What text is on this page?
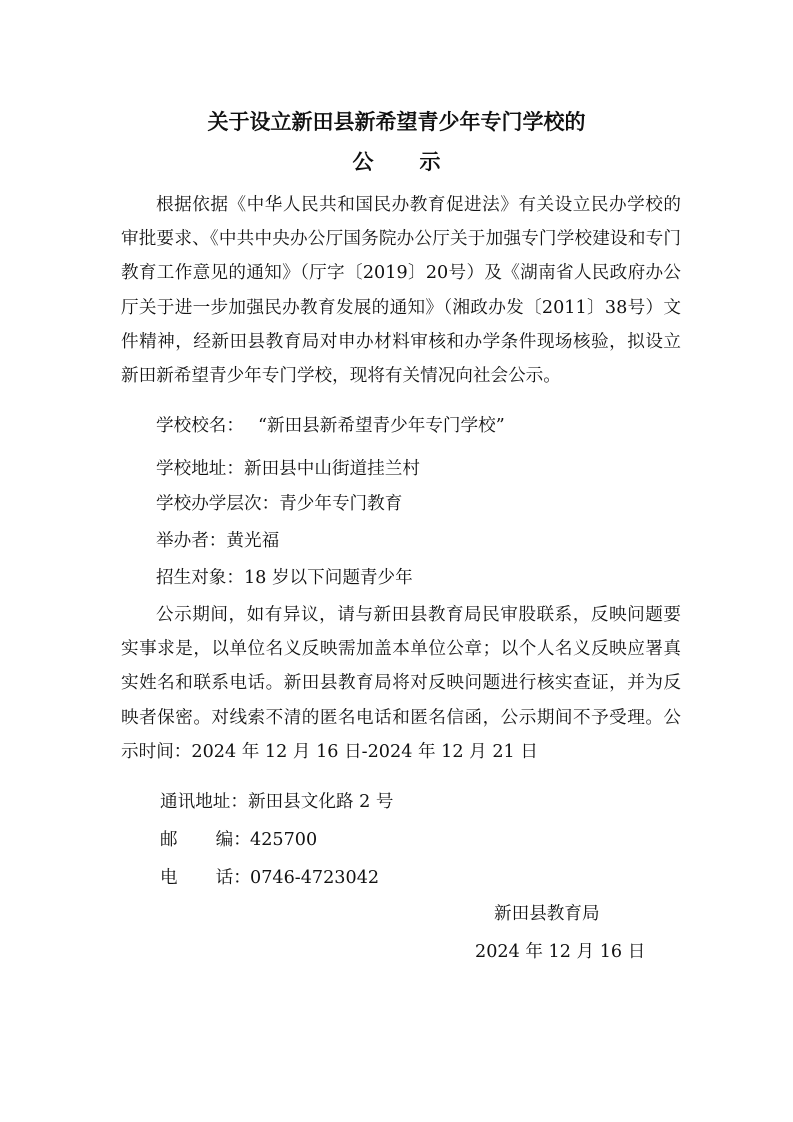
关于设立新田县新希望青少年专门学校的
公 示

根据依据《中华人民共和国民办教育促进法》有关设立民办学校的审批要求、《中共中央办公厅国务院办公厅关于加强专门学校建设和专门教育工作意见的通知》（厅字〔2019〕20号）及《湖南省人民政府办公厅关于进一步加强民办教育发展的通知》（湘政办发〔2011〕38号）文件精神，经新田县教育局对申办材料审核和办学条件现场核验，拟设立新田新希望青少年专门学校，现将有关情况向社会公示。

学校校名： “新田县新希望青少年专门学校”

学校地址：新田县中山街道挂兰村

学校办学层次：青少年专门教育

举办者：黄光福

招生对象：18 岁以下问题青少年

公示期间，如有异议，请与新田县教育局民审股联系，反映问题要实事求是，以单位名义反映需加盖本单位公章；以个人名义反映应署真实姓名和联系电话。新田县教育局将对反映问题进行核实查证，并为反映者保密。对线索不清的匿名电话和匿名信函，公示期间不予受理。公示时间：2024 年 12 月 16 日-2024 年 12 月 21 日

通讯地址：新田县文化路 2 号

邮 编：425700

电 话：0746-4723042

新田县教育局

2024 年 12 月 16 日
